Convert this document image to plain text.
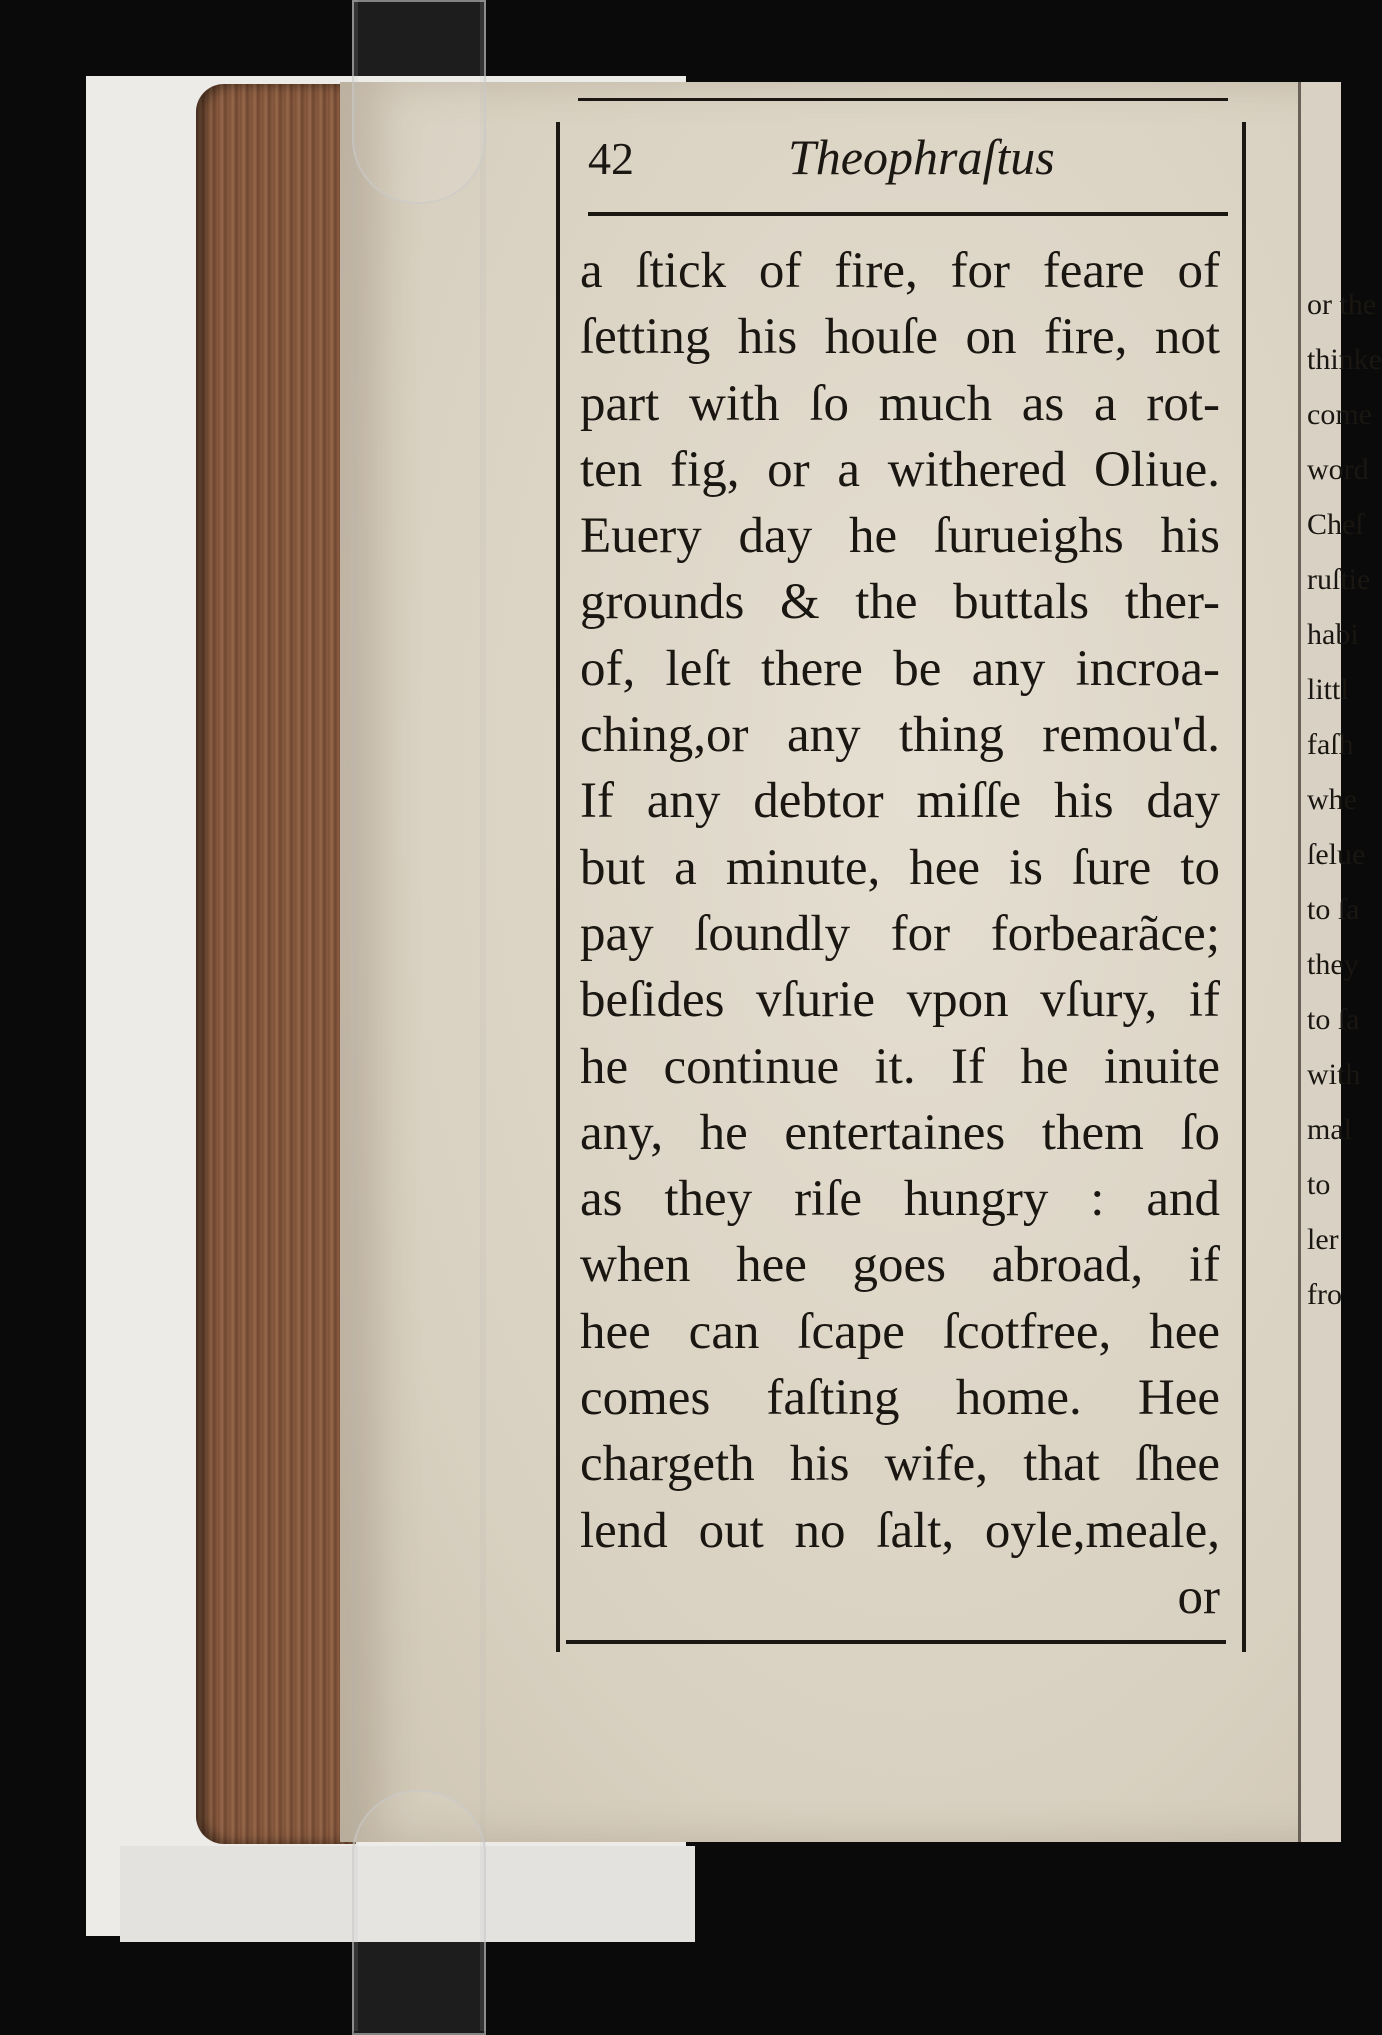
or the
thinke
come
word
Cheſ
ruſtie
habi
littl
faſh
whe
ſelue
to ſa
they
to ſa
with
mal
to
ler
fro
42	Theophraſtus
a ſtick of fire, for feare of
ſetting his houſe on fire, not
part with ſo much as a rot-
ten fig, or a withered Oliue.
Euery day he ſurueighs his
grounds & the buttals ther-
of, leſt there be any incroa-
ching,or any thing remou'd.
If any debtor miſſe his day
but a minute, hee is ſure to
pay ſoundly for forbearãce;
beſides vſurie vpon vſury, if
he continue it. If he inuite
any, he entertaines them ſo
as they riſe hungry : and
when hee goes abroad, if
hee can ſcape ſcotfree, hee
comes faſting home. Hee
chargeth his wife, that ſhee
lend out no ſalt, oyle,meale,
or
